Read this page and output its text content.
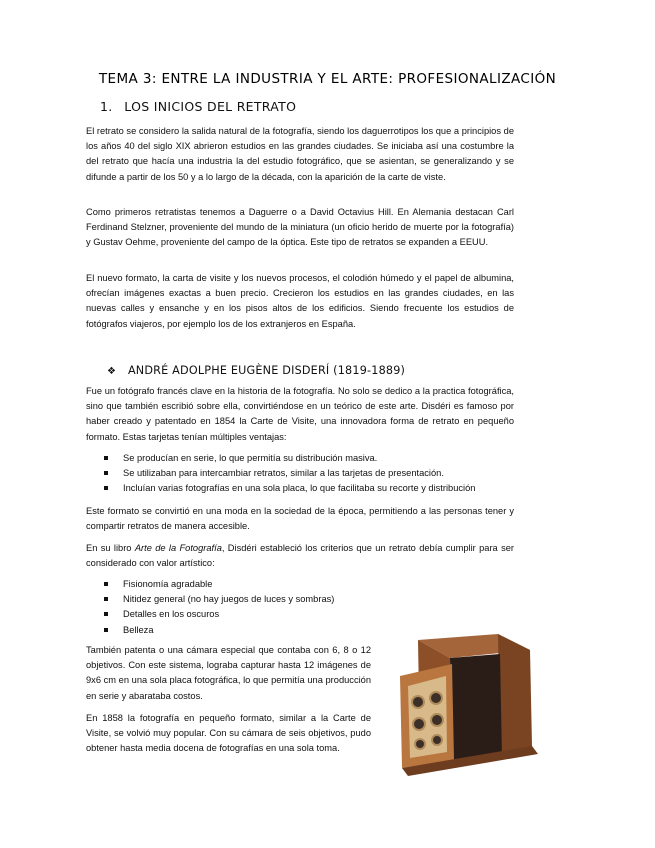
TEMA 3: ENTRE LA INDUSTRIA Y EL ARTE: PROFESIONALIZACIÓN
1. LOS INICIOS DEL RETRATO

El retrato se considero la salida natural de la fotografía, siendo los daguerrotipos los que a principios de los años 40 del siglo XIX abrieron estudios en las grandes ciudades. Se iniciaba así una costumbre la del retrato que hacía una industria la del estudio fotográfico, que se asientan, se generalizando y se difunde a partir de los 50 y a lo largo de la década, con la aparición de la carte de viste.

Como primeros retratistas tenemos a Daguerre o a David Octavius Hill. En Alemania destacan Carl Ferdinand Stelzner, proveniente del mundo de la miniatura (un oficio herido de muerte por la fotografía) y Gustav Oehme, proveniente del campo de la óptica. Este tipo de retratos se expanden a EEUU.

El nuevo formato, la carta de visite y los nuevos procesos, el colodión húmedo y el papel de albumina, ofrecían imágenes exactas a buen precio. Crecieron los estudios en las grandes ciudades, en las nuevas calles y ensanche y en los pisos altos de los edificios. Siendo frecuente los estudios de fotógrafos viajeros, por ejemplo los de los extranjeros en España.

❖ ANDRÉ ADOLPHE EUGÈNE DISDERÍ (1819-1889)

Fue un fotógrafo francés clave en la historia de la fotografía. No solo se dedico a la practica fotográfica, sino que también escribió sobre ella, convirtiéndose en un teórico de este arte. Disdéri es famoso por haber creado y patentado en 1854 la Carte de Visite, una innovadora forma de retrato en pequeño formato. Estas tarjetas tenían múltiples ventajas:

Se producían en serie, lo que permitía su distribución masiva.
Se utilizaban para intercambiar retratos, similar a las tarjetas de presentación.
Incluían varias fotografías en una sola placa, lo que facilitaba su recorte y distribución

Este formato se convirtió en una moda en la sociedad de la época, permitiendo a las personas tener y compartir retratos de manera accesible.

En su libro Arte de la Fotografía, Disdéri estableció los criterios que un retrato debía cumplir para ser considerado con valor artístico:

Fisionomía agradable
Nitidez general (no hay juegos de luces y sombras)
Detalles en los oscuros
Belleza

También patenta o una cámara especial que contaba con 6, 8 o 12 objetivos. Con este sistema, lograba capturar hasta 12 imágenes de 9x6 cm en una sola placa fotográfica, lo que permitía una producción en serie y abarataba costos.

En 1858 la fotografía en pequeño formato, similar a la Carte de Visite, se volvió muy popular. Con su cámara de seis objetivos, pudo obtener hasta media docena de fotografías en una sola toma.
